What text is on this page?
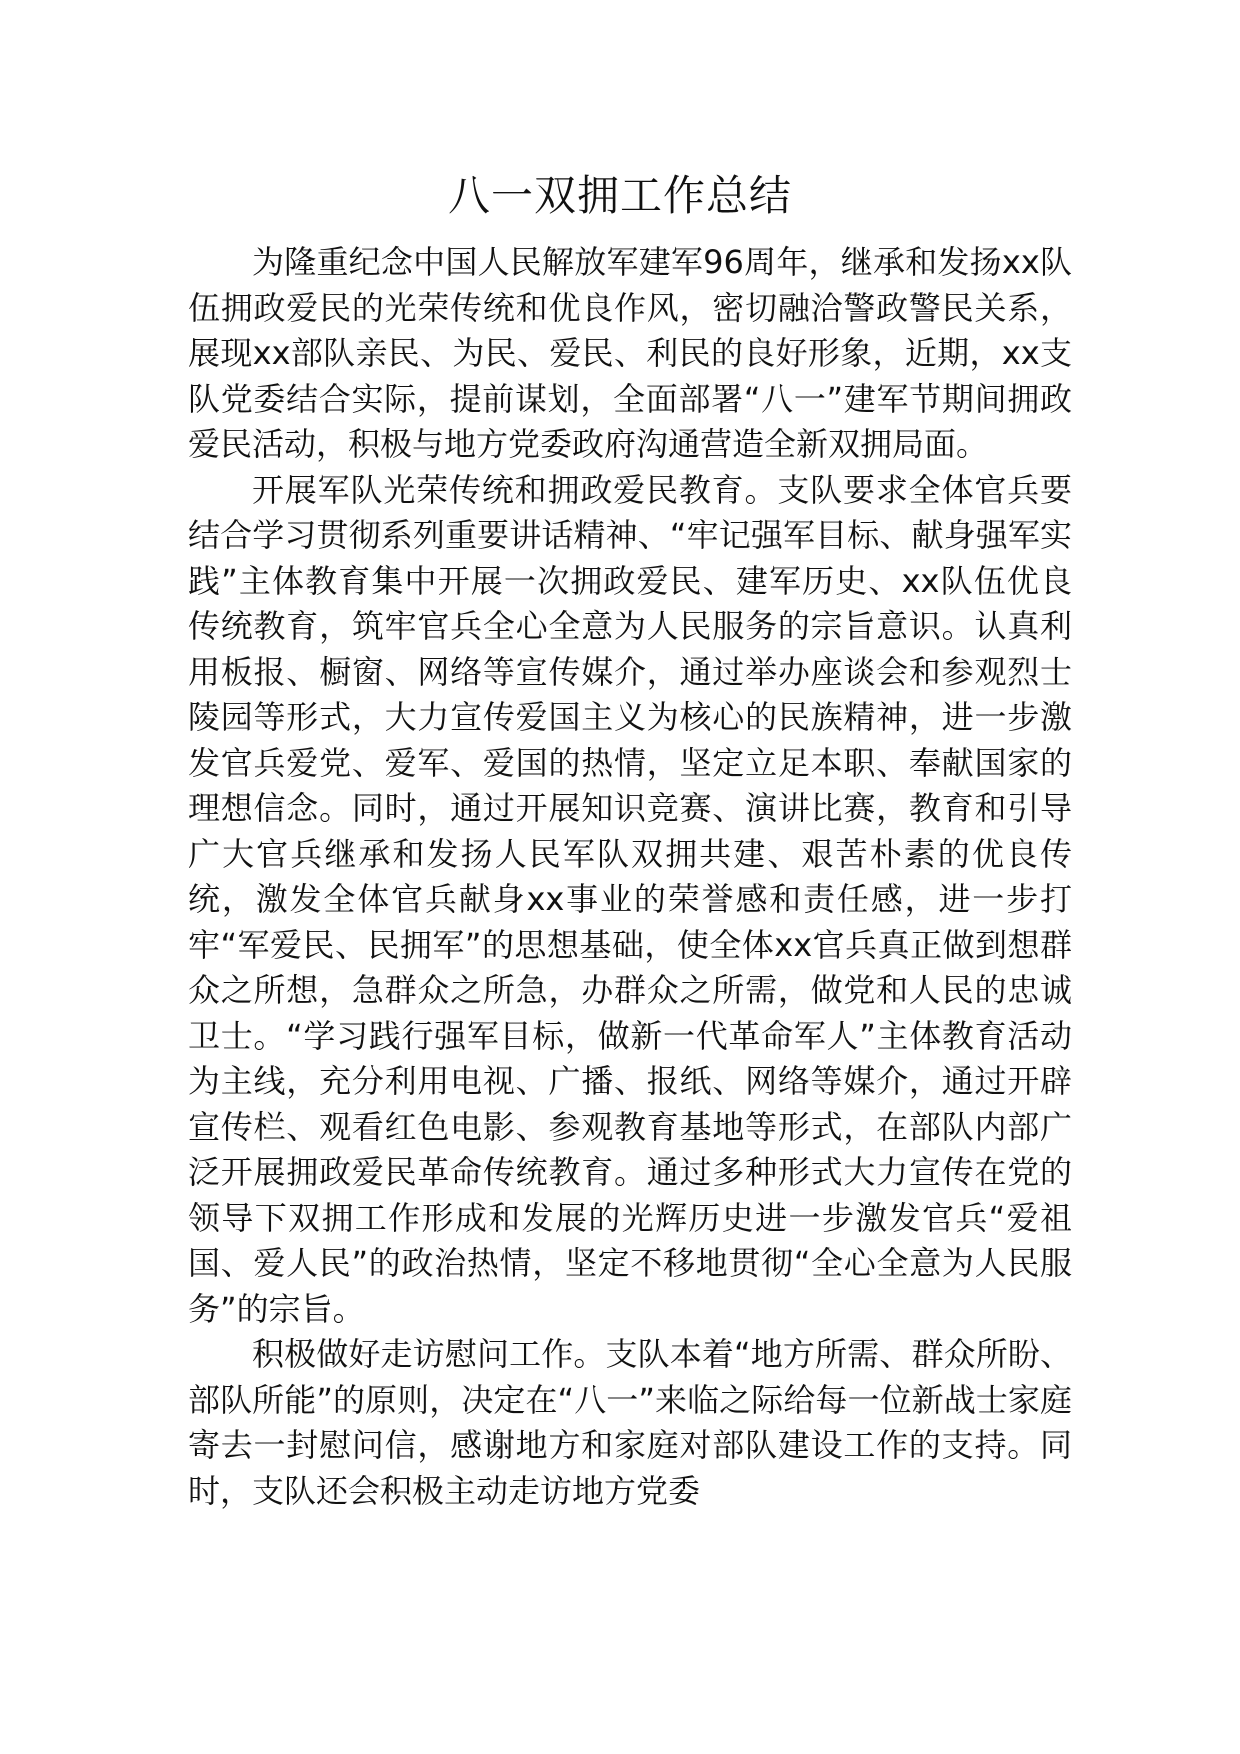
八一双拥工作总结

为隆重纪念中国人民解放军建军96周年，继承和发扬xx队伍拥政爱民的光荣传统和优良作风，密切融洽警政警民关系，展现xx部队亲民、为民、爱民、利民的良好形象，近期，xx支队党委结合实际，提前谋划，全面部署“八一”建军节期间拥政爱民活动，积极与地方党委政府沟通营造全新双拥局面。

开展军队光荣传统和拥政爱民教育。支队要求全体官兵要结合学习贯彻系列重要讲话精神、“牢记强军目标、献身强军实践”主体教育集中开展一次拥政爱民、建军历史、xx队伍优良传统教育，筑牢官兵全心全意为人民服务的宗旨意识。认真利用板报、橱窗、网络等宣传媒介，通过举办座谈会和参观烈士陵园等形式，大力宣传爱国主义为核心的民族精神，进一步激发官兵爱党、爱军、爱国的热情，坚定立足本职、奉献国家的理想信念。同时，通过开展知识竞赛、演讲比赛，教育和引导广大官兵继承和发扬人民军队双拥共建、艰苦朴素的优良传统，激发全体官兵献身xx事业的荣誉感和责任感，进一步打牢“军爱民、民拥军”的思想基础，使全体xx官兵真正做到想群众之所想，急群众之所急，办群众之所需，做党和人民的忠诚卫士。“学习践行强军目标，做新一代革命军人”主体教育活动为主线，充分利用电视、广播、报纸、网络等媒介，通过开辟宣传栏、观看红色电影、参观教育基地等形式，在部队内部广泛开展拥政爱民革命传统教育。通过多种形式大力宣传在党的领导下双拥工作形成和发展的光辉历史进一步激发官兵“爱祖国、爱人民”的政治热情，坚定不移地贯彻“全心全意为人民服务”的宗旨。

积极做好走访慰问工作。支队本着“地方所需、群众所盼、部队所能”的原则，决定在“八一”来临之际给每一位新战士家庭寄去一封慰问信，感谢地方和家庭对部队建设工作的支持。同时，支队还会积极主动走访地方党委
